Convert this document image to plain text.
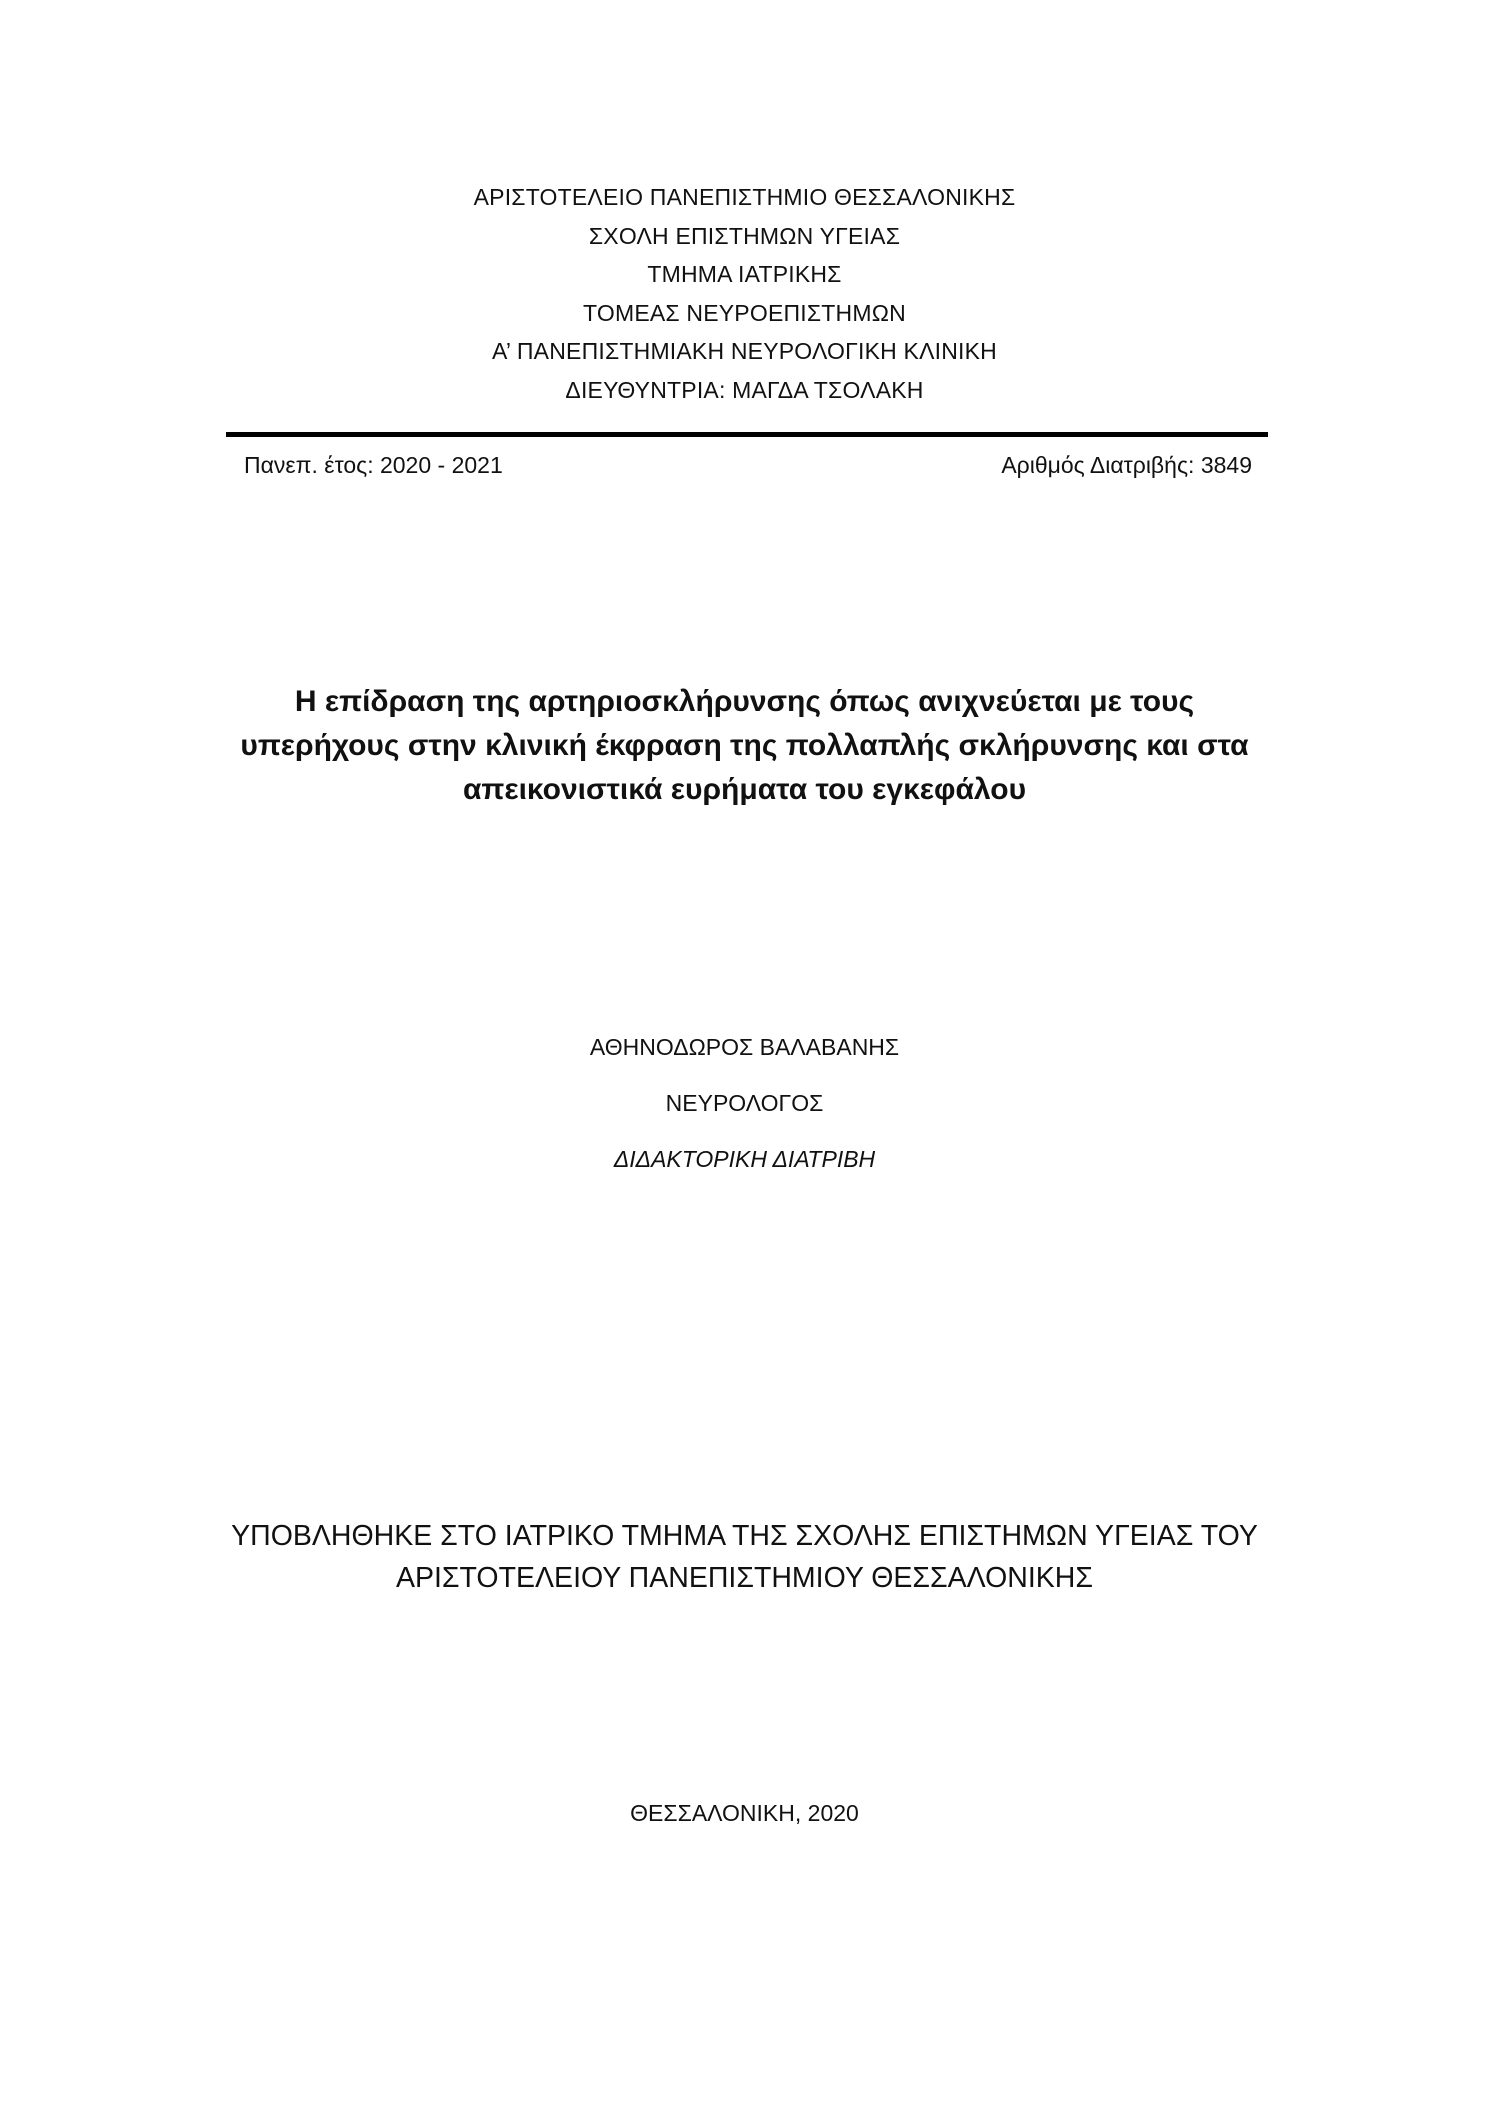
ΑΡΙΣΤΟΤΕΛΕΙΟ ΠΑΝΕΠΙΣΤΗΜΙΟ ΘΕΣΣΑΛΟΝΙΚΗΣ
ΣΧΟΛΗ ΕΠΙΣΤΗΜΩΝ ΥΓΕΙΑΣ
ΤΜΗΜΑ ΙΑΤΡΙΚΗΣ
ΤΟΜΕΑΣ ΝΕΥΡΟΕΠΙΣΤΗΜΩΝ
Α’ ΠΑΝΕΠΙΣΤΗΜΙΑΚΗ ΝΕΥΡΟΛΟΓΙΚΗ ΚΛΙΝΙΚΗ
ΔΙΕΥΘΥΝΤΡΙΑ: ΜΑΓΔΑ ΤΣΟΛΑΚΗ
Πανεπ. έτος: 2020 - 2021	Αριθμός Διατριβής: 3849
Η επίδραση της αρτηριοσκλήρυνσης όπως ανιχνεύεται με τους
υπερήχους στην κλινική έκφραση της πολλαπλής σκλήρυνσης και στα
απεικονιστικά ευρήματα του εγκεφάλου
ΑΘΗΝΟΔΩΡΟΣ ΒΑΛΑΒΑΝΗΣ
ΝΕΥΡΟΛΟΓΟΣ
ΔΙΔΑΚΤΟΡΙΚΗ ΔΙΑΤΡΙΒΗ
ΥΠΟΒΛΗΘΗΚΕ ΣΤΟ ΙΑΤΡΙΚΟ ΤΜΗΜΑ ΤΗΣ ΣΧΟΛΗΣ ΕΠΙΣΤΗΜΩΝ ΥΓΕΙΑΣ ΤΟΥ
ΑΡΙΣΤΟΤΕΛΕΙΟΥ ΠΑΝΕΠΙΣΤΗΜΙΟΥ ΘΕΣΣΑΛΟΝΙΚΗΣ
ΘΕΣΣΑΛΟΝΙΚΗ, 2020
